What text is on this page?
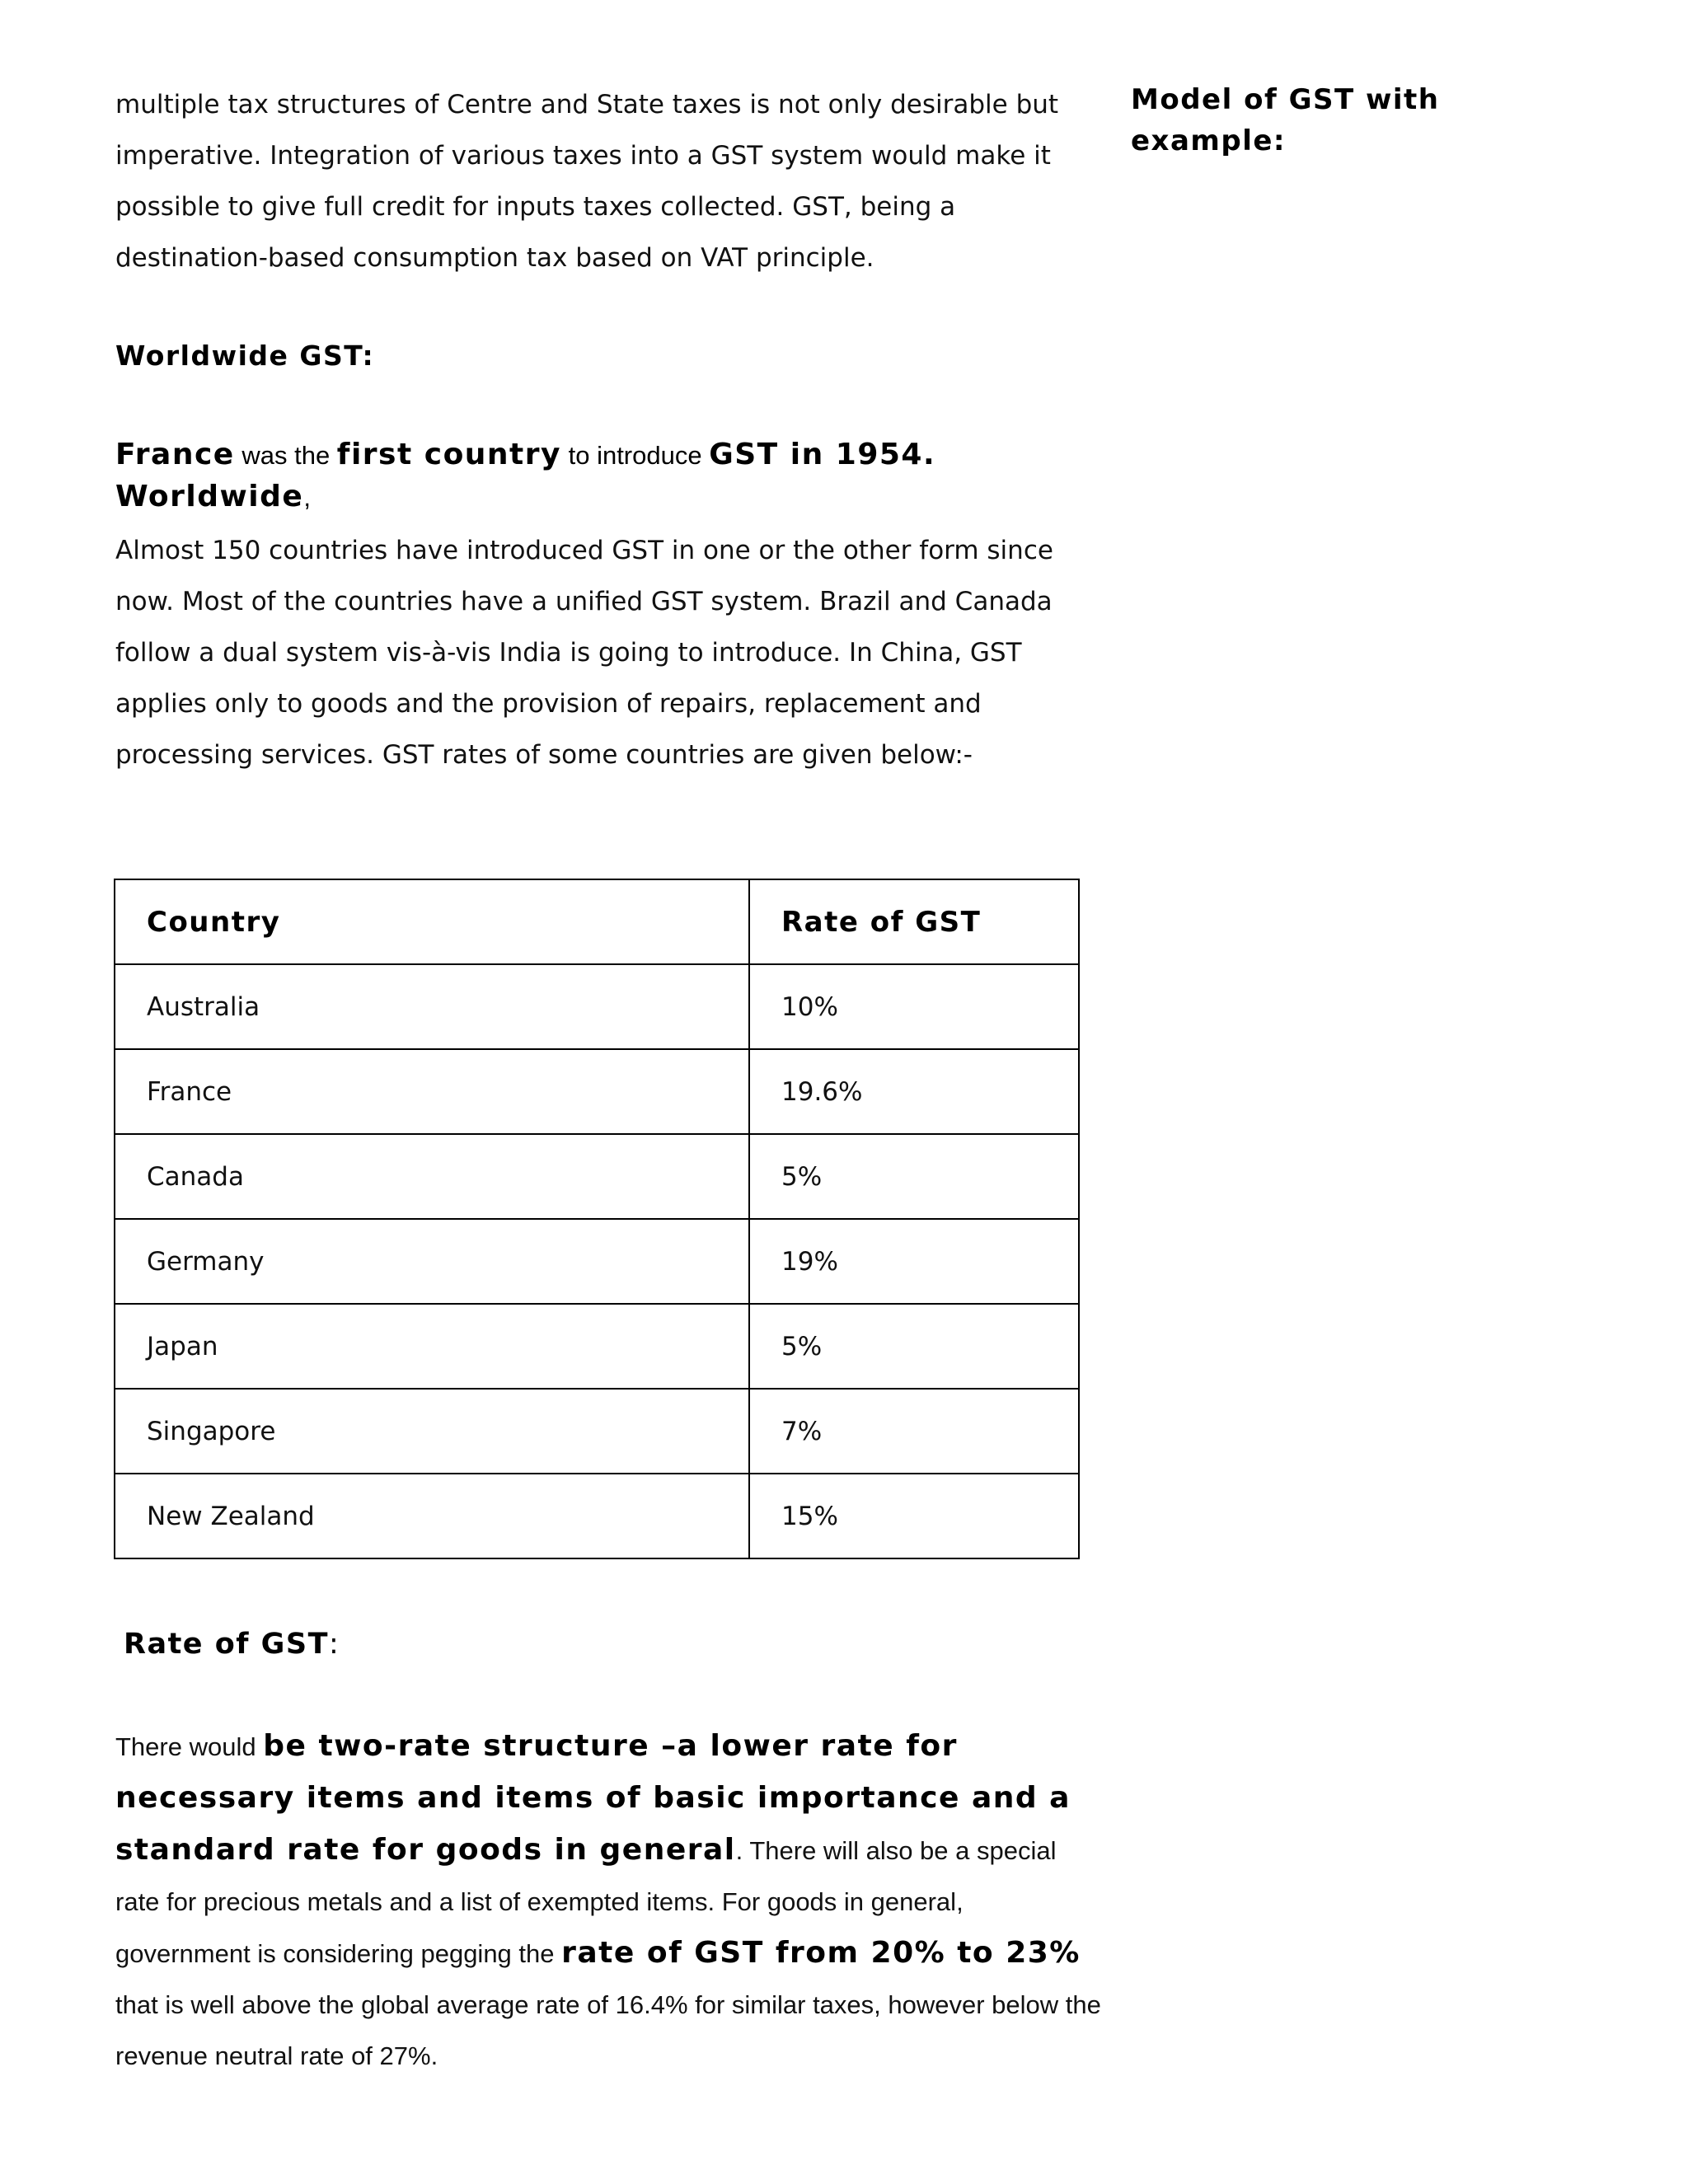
multiple tax structures of Centre and State taxes is not only desirable but imperative. Integration of various taxes into a GST system would make it possible to give full credit for inputs taxes collected. GST, being a destination-based consumption tax based on VAT principle.

Model of GST with example:

Worldwide GST:

France was the first country to introduce GST in 1954. Worldwide,

Almost 150 countries have introduced GST in one or the other form since now. Most of the countries have a unified GST system. Brazil and Canada follow a dual system vis-à-vis India is going to introduce. In China, GST applies only to goods and the provision of repairs, replacement and processing services. GST rates of some countries are given below:-

Country	Rate of GST
Australia	10%
France	19.6%
Canada	5%
Germany	19%
Japan	5%
Singapore	7%
New Zealand	15%

Rate of GST:

There would be two-rate structure –a lower rate for necessary items and items of basic importance and a standard rate for goods in general. There will also be a special rate for precious metals and a list of exempted items. For goods in general, government is considering pegging the rate of GST from 20% to 23% that is well above the global average rate of 16.4% for similar taxes, however below the revenue neutral rate of 27%.
